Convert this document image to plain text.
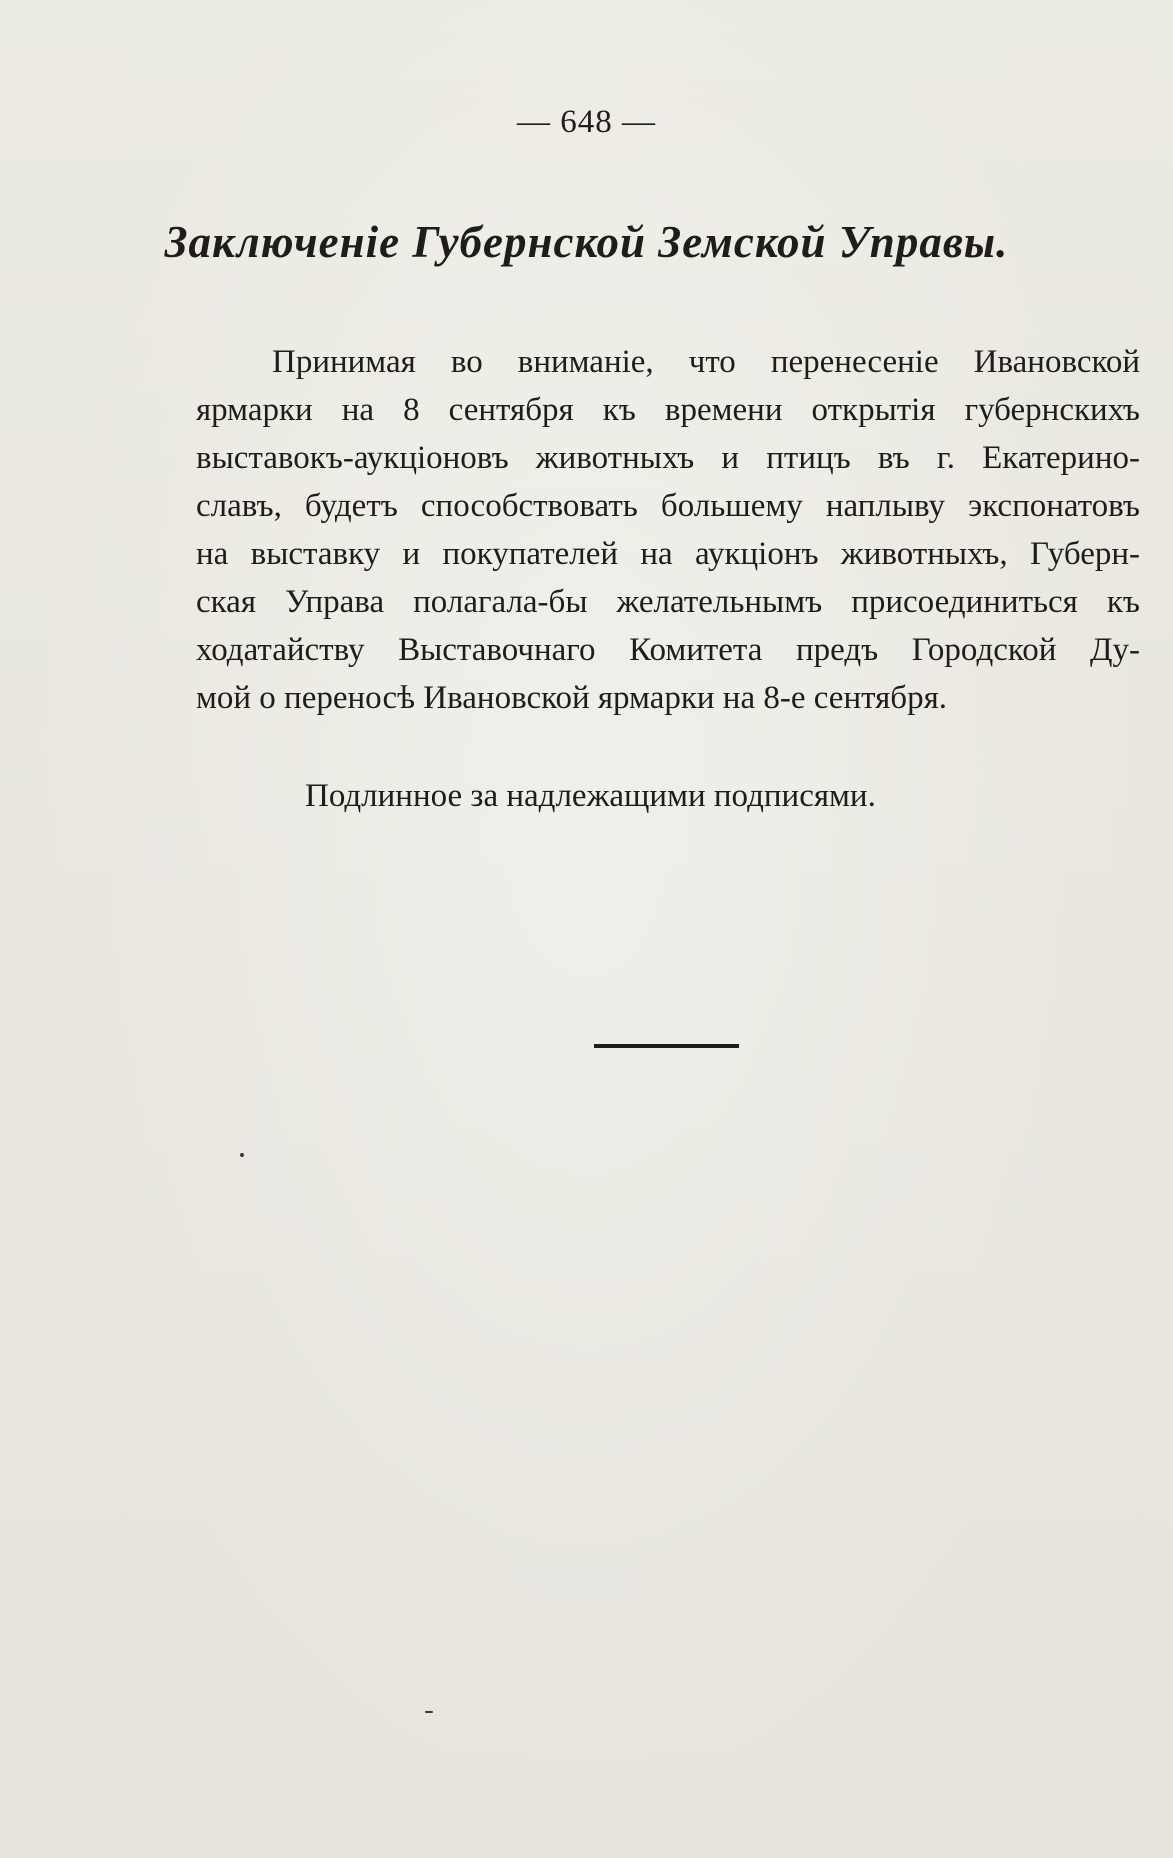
— 648 —

Заключеніе Губернской Земской Управы.
Принимая во вниманіе, что перенесеніе Ивановской
ярмарки на 8 сентября къ времени открытія губернскихъ
выставокъ-аукціоновъ животныхъ и птицъ въ г. Екатерино-
славъ, будетъ способствовать большему наплыву экспонатовъ
на выставку и покупателей на аукціонъ животныхъ, Губерн-
ская Управа полагала-бы желательнымъ присоединиться къ
ходатайству Выставочнаго Комитета предъ Городской Ду-
мой о переносѣ Ивановской ярмарки на 8-е сентября.

Подлинное за надлежащими подписями.
